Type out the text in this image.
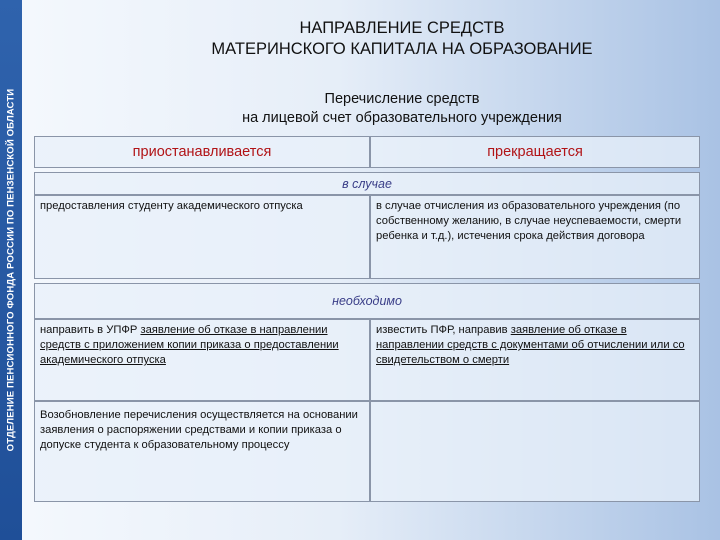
ОТДЕЛЕНИЕ ПЕНСИОННОГО ФОНДА РОССИИ ПО ПЕНЗЕНСКОЙ ОБЛАСТИ
НАПРАВЛЕНИЕ СРЕДСТВ
МАТЕРИНСКОГО КАПИТАЛА НА ОБРАЗОВАНИЕ
Перечисление средств
на лицевой счет образовательного учреждения
приостанавливается	прекращается
в случае
предоставления студенту академического отпуска	в случае отчисления из образовательного учреждения (по собственному желанию, в случае неуспеваемости, смерти ребенка и т.д.), истечения срока действия договора
необходимо
направить в УПФР заявление об отказе в направлении средств с приложением копии приказа о предоставлении академического отпуска
известить ПФР, направив заявление об отказе в направлении средств с документами об отчислении или со свидетельством о смерти
Возобновление перечисления осуществляется на основании заявления о распоряжении средствами и копии приказа о допуске студента к образовательному процессу
